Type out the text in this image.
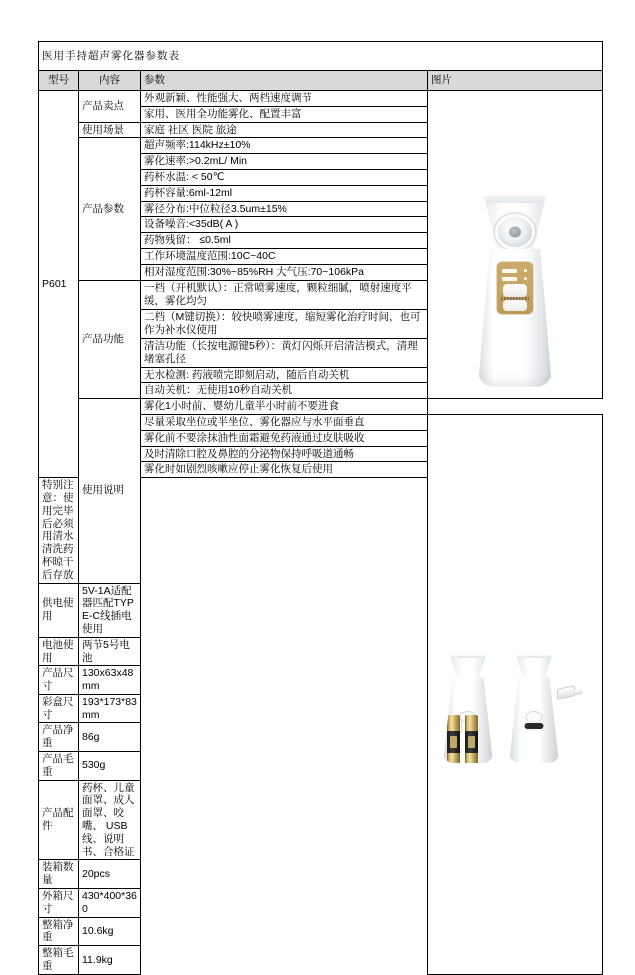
医用手持超声雾化器参数表			
型号	内容	参数	图片
P601	产品卖点	外观新颖、性能强大、两档速度调节	

		家用、医用全功能雾化、配置丰富	
	使用场景	家庭 社区 医院 旅途	
	产品参数	超声频率:114kHz±10%	
		雾化速率:>0.2mL/ Min	
		药杯水温: < 50℃	
		药杯容量:6ml-12ml	
		雾径分布:中位粒径3.5um±15%	
		设备噪音:<35dB( A )	
		药物残留： ≤0.5ml	
		工作环境温度范围:10C~40C	
		相对湿度范围:30%~85%RH 大气压:70~106kPa	
	产品功能	一档（开机默认）：正常喷雾速度，颗粒细腻，喷射速度平缓，雾化均匀	
		二档（M键切换）：较快喷雾速度，缩短雾化治疗时间，也可作为补水仪使用	
		清洁功能（长按电源键5秒）：黄灯闪烁开启清洁模式，清理堵塞孔径	
		无水检测: 药液喷完即刻启动，随后自动关机	
		自动关机：无使用10秒自动关机	
	使用说明	雾化1小时前、婴幼儿童半小时前不要进食	
		尽量采取坐位或半坐位、雾化器应与水平面垂直	

		雾化前不要涂抹油性面霜避免药液通过皮肤吸收	
		及时清除口腔及鼻腔的分泌物保持呼吸道通畅	
		雾化时如剧烈咳嗽应停止雾化恢复后使用	
特别注意：使用完毕后必须用清水清洗药杯晾干后存放			
供电使用	5V-1A适配器匹配TYPE-C线插电使用		
电池使用	两节5号电池		
产品尺寸	130x63x48mm		
彩盒尺寸	193*173*83mm		
产品净重	86g		
产品毛重	530g		
产品配件	药杯、儿童面罩、成人面罩、咬嘴、 USB 线、说明书、合格证		
装箱数量	20pcs		
外箱尺寸	430*400*360		
整箱净重	10.6kg		
整箱毛重	11.9kg		
